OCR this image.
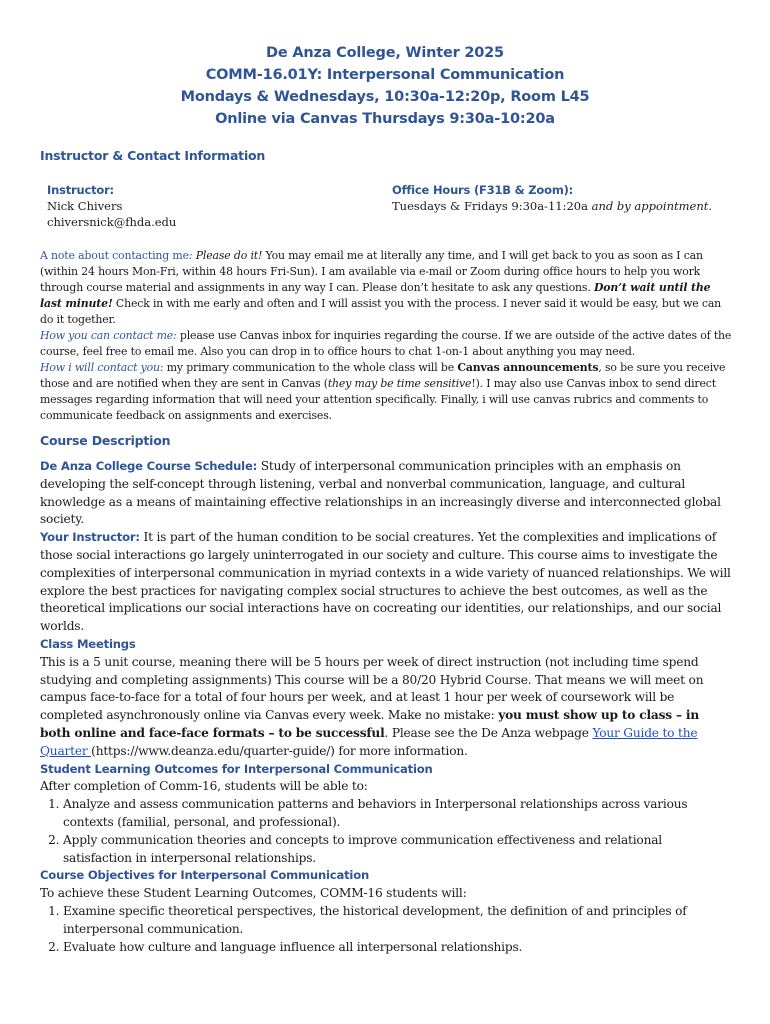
De Anza College, Winter 2025
COMM-16.01Y: Interpersonal Communication
Mondays & Wednesdays, 10:30a-12:20p, Room L45
Online via Canvas Thursdays 9:30a-10:20a
Instructor & Contact Information
Instructor:
Nick Chivers
chiversnick@fhda.edu
Office Hours (F31B & Zoom):
Tuesdays & Fridays 9:30a-11:20a and by appointment.
A note about contacting me: Please do it! You may email me at literally any time, and I will get back to you as soon as I can (within 24 hours Mon-Fri, within 48 hours Fri-Sun). I am available via e-mail or Zoom during office hours to help you work through course material and assignments in any way I can. Please don’t hesitate to ask any questions. Don’t wait until the last minute! Check in with me early and often and I will assist you with the process. I never said it would be easy, but we can do it together.
How you can contact me: please use Canvas inbox for inquiries regarding the course. If we are outside of the active dates of the course, feel free to email me. Also you can drop in to office hours to chat 1-on-1 about anything you may need.
How i will contact you: my primary communication to the whole class will be Canvas announcements, so be sure you receive those and are notified when they are sent in Canvas (they may be time sensitive!). I may also use Canvas inbox to send direct messages regarding information that will need your attention specifically. Finally, i will use canvas rubrics and comments to communicate feedback on assignments and exercises.
Course Description
De Anza College Course Schedule: Study of interpersonal communication principles with an emphasis on developing the self-concept through listening, verbal and nonverbal communication, language, and cultural knowledge as a means of maintaining effective relationships in an increasingly diverse and interconnected global society.
Your Instructor: It is part of the human condition to be social creatures. Yet the complexities and implications of those social interactions go largely uninterrogated in our society and culture. This course aims to investigate the complexities of interpersonal communication in myriad contexts in a wide variety of nuanced relationships. We will explore the best practices for navigating complex social structures to achieve the best outcomes, as well as the theoretical implications our social interactions have on cocreating our identities, our relationships, and our social worlds.
Class Meetings
This is a 5 unit course, meaning there will be 5 hours per week of direct instruction (not including time spend studying and completing assignments) This course will be a 80/20 Hybrid Course. That means we will meet on campus face-to-face for a total of four hours per week, and at least 1 hour per week of coursework will be completed asynchronously online via Canvas every week. Make no mistake: you must show up to class – in both online and face-face formats – to be successful. Please see the De Anza webpage Your Guide to the Quarter (https://www.deanza.edu/quarter-guide/) for more information.
Student Learning Outcomes for Interpersonal Communication
After completion of Comm-16, students will be able to:
1. Analyze and assess communication patterns and behaviors in Interpersonal relationships across various contexts (familial, personal, and professional).
2. Apply communication theories and concepts to improve communication effectiveness and relational satisfaction in interpersonal relationships.
Course Objectives for Interpersonal Communication
To achieve these Student Learning Outcomes, COMM-16 students will:
1. Examine specific theoretical perspectives, the historical development, the definition of and principles of interpersonal communication.
2. Evaluate how culture and language influence all interpersonal relationships.
